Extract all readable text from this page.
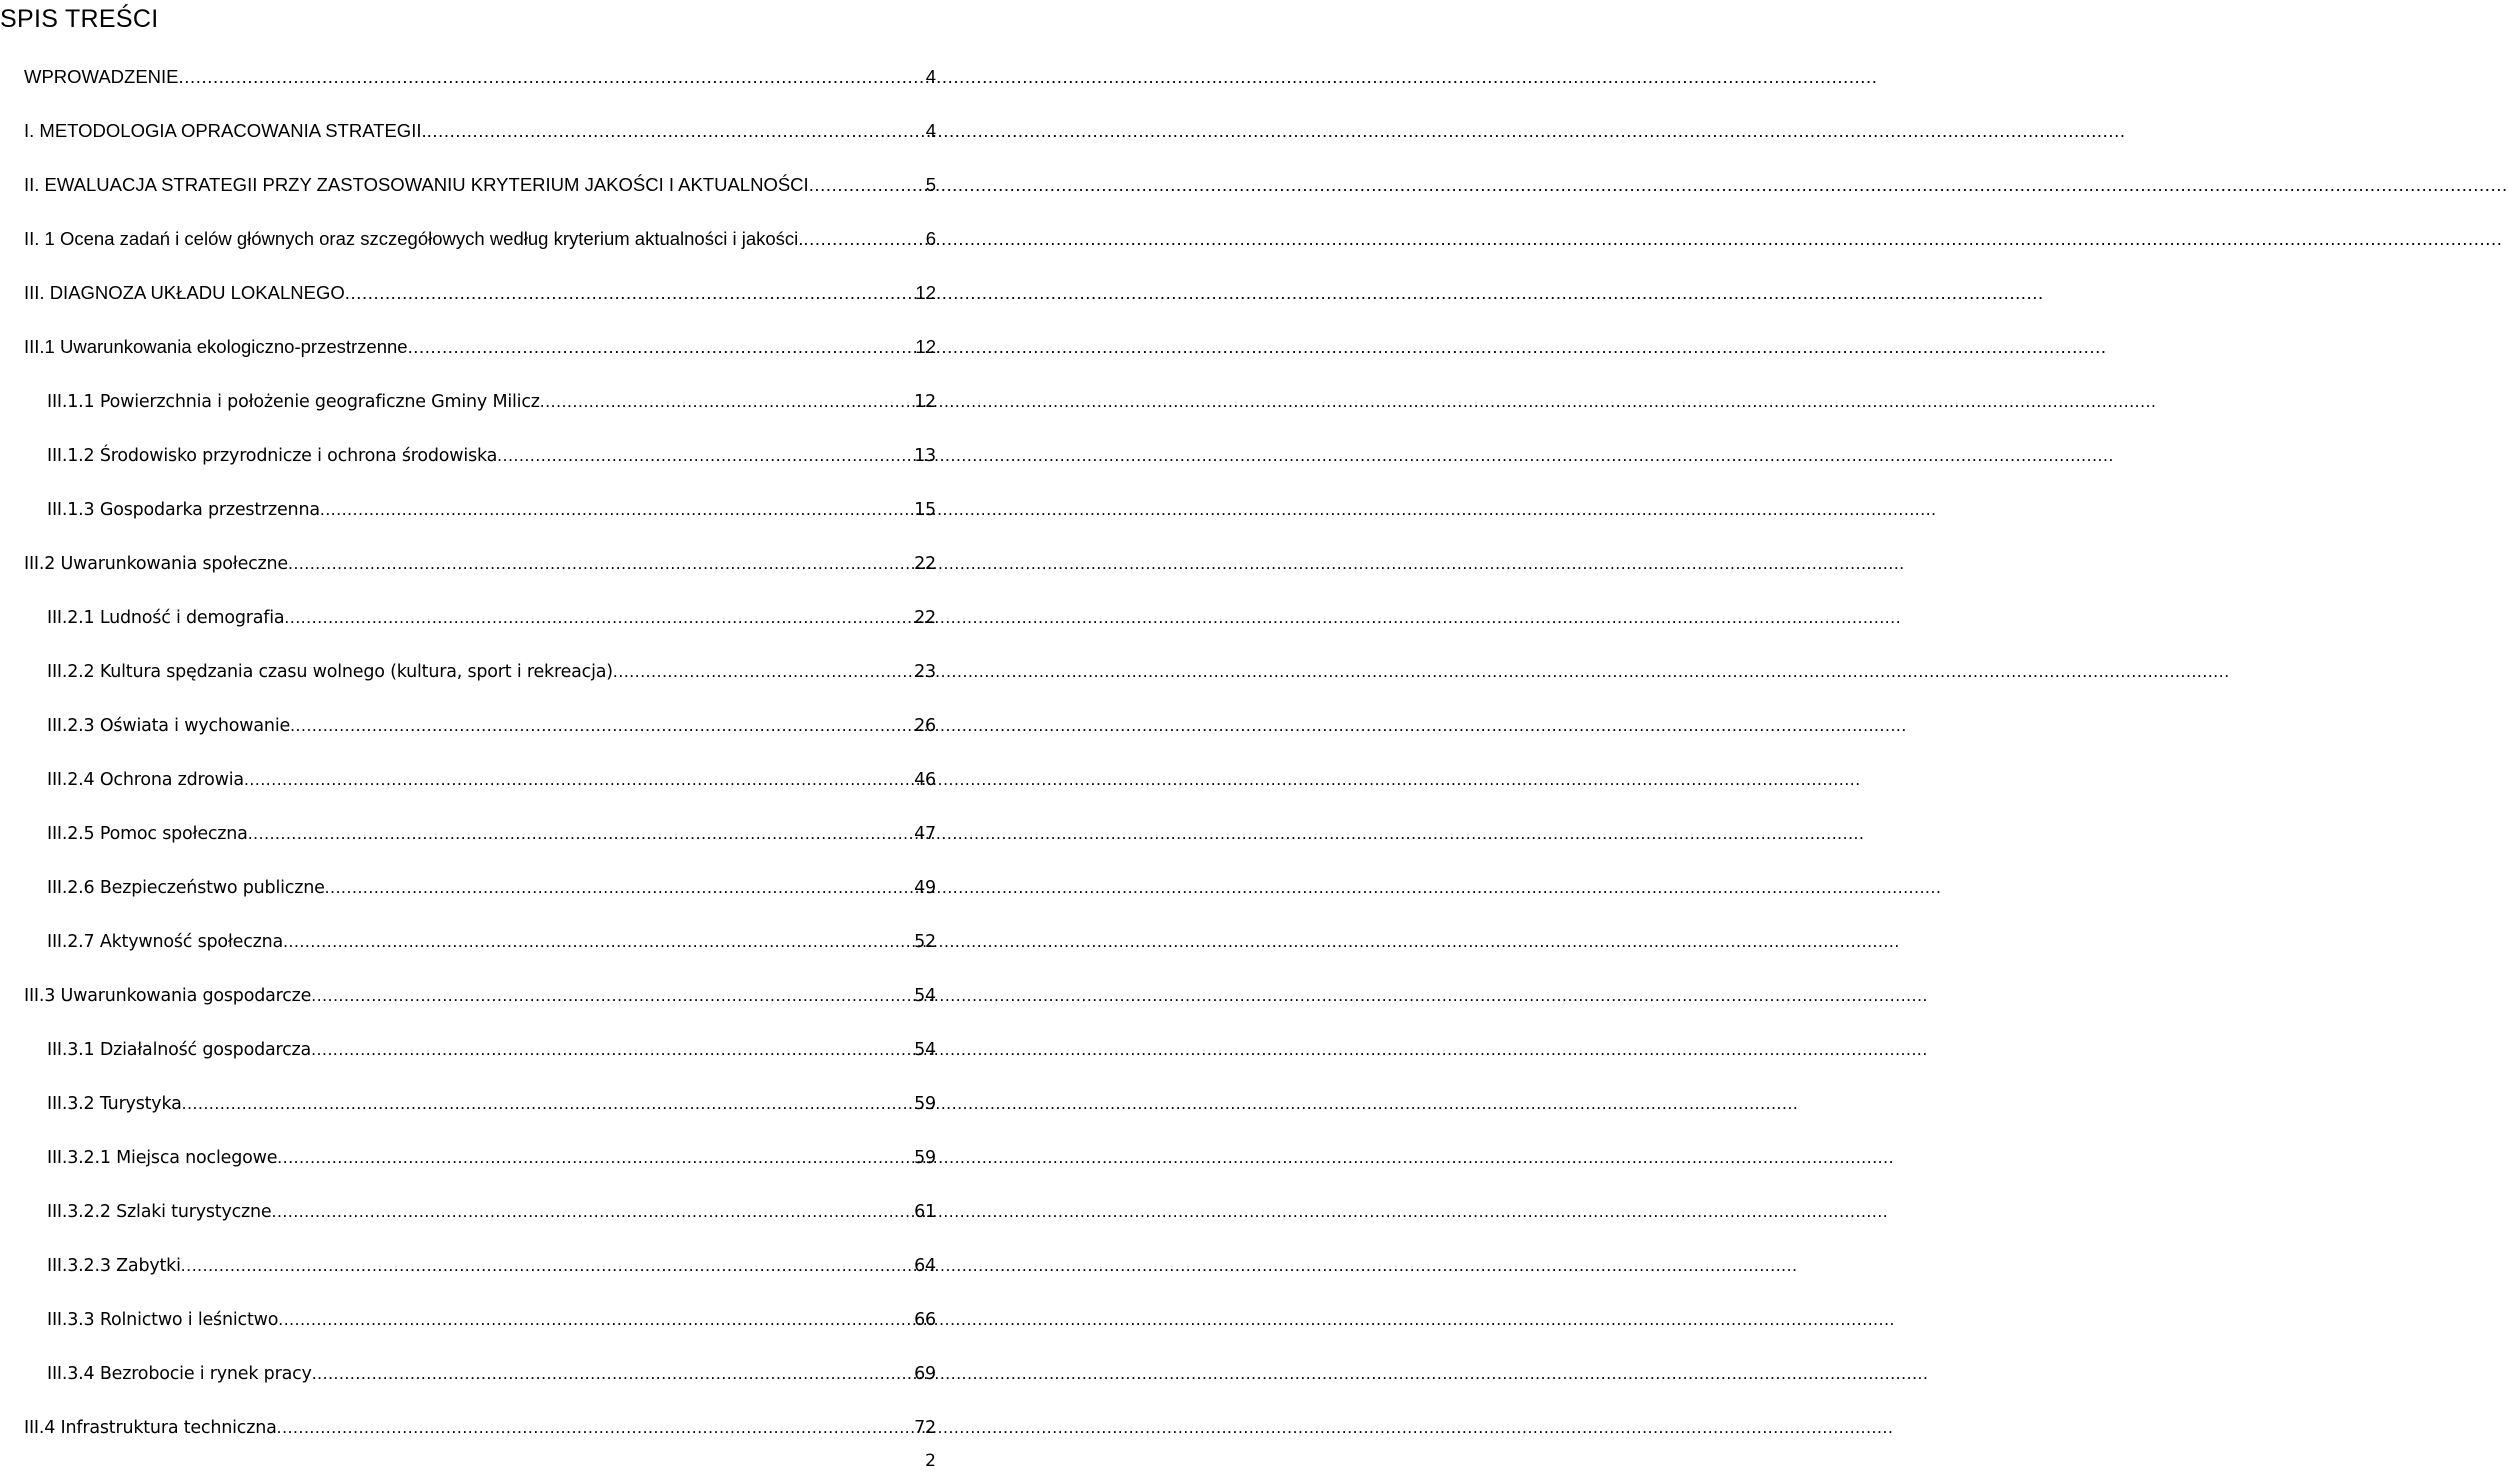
SPIS TREŚCI
WPROWADZENIE .....	4
I. METODOLOGIA OPRACOWANIA STRATEGII. .....	4
II. EWALUACJA STRATEGII PRZY ZASTOSOWANIU KRYTERIUM JAKOŚCI I AKTUALNOŚCI .....	5
II. 1 Ocena zadań i celów głównych oraz szczegółowych według kryterium aktualności i jakości. .....	6
III. DIAGNOZA UKŁADU LOKALNEGO .....	12
III.1 Uwarunkowania ekologiczno-przestrzenne .....	12
III.1.1 Powierzchnia i położenie geograficzne Gminy Milicz .....	12
III.1.2 Środowisko przyrodnicze i ochrona środowiska .....	13
III.1.3 Gospodarka przestrzenna .....	15
III.2 Uwarunkowania społeczne .....	22
III.2.1 Ludność i demografia .....	22
III.2.2 Kultura spędzania czasu wolnego (kultura, sport i rekreacja) .....	23
III.2.3 Oświata i wychowanie .....	26
III.2.4 Ochrona zdrowia .....	46
III.2.5 Pomoc społeczna .....	47
III.2.6 Bezpieczeństwo publiczne .....	49
III.2.7 Aktywność społeczna .....	52
III.3 Uwarunkowania gospodarcze .....	54
III.3.1 Działalność gospodarcza .....	54
III.3.2 Turystyka .....	59
III.3.2.1 Miejsca noclegowe .....	59
III.3.2.2 Szlaki turystyczne .....	61
III.3.2.3 Zabytki .....	64
III.3.3 Rolnictwo i leśnictwo .....	66
III.3.4 Bezrobocie i rynek pracy .....	69
III.4 Infrastruktura techniczna .....	72
2
